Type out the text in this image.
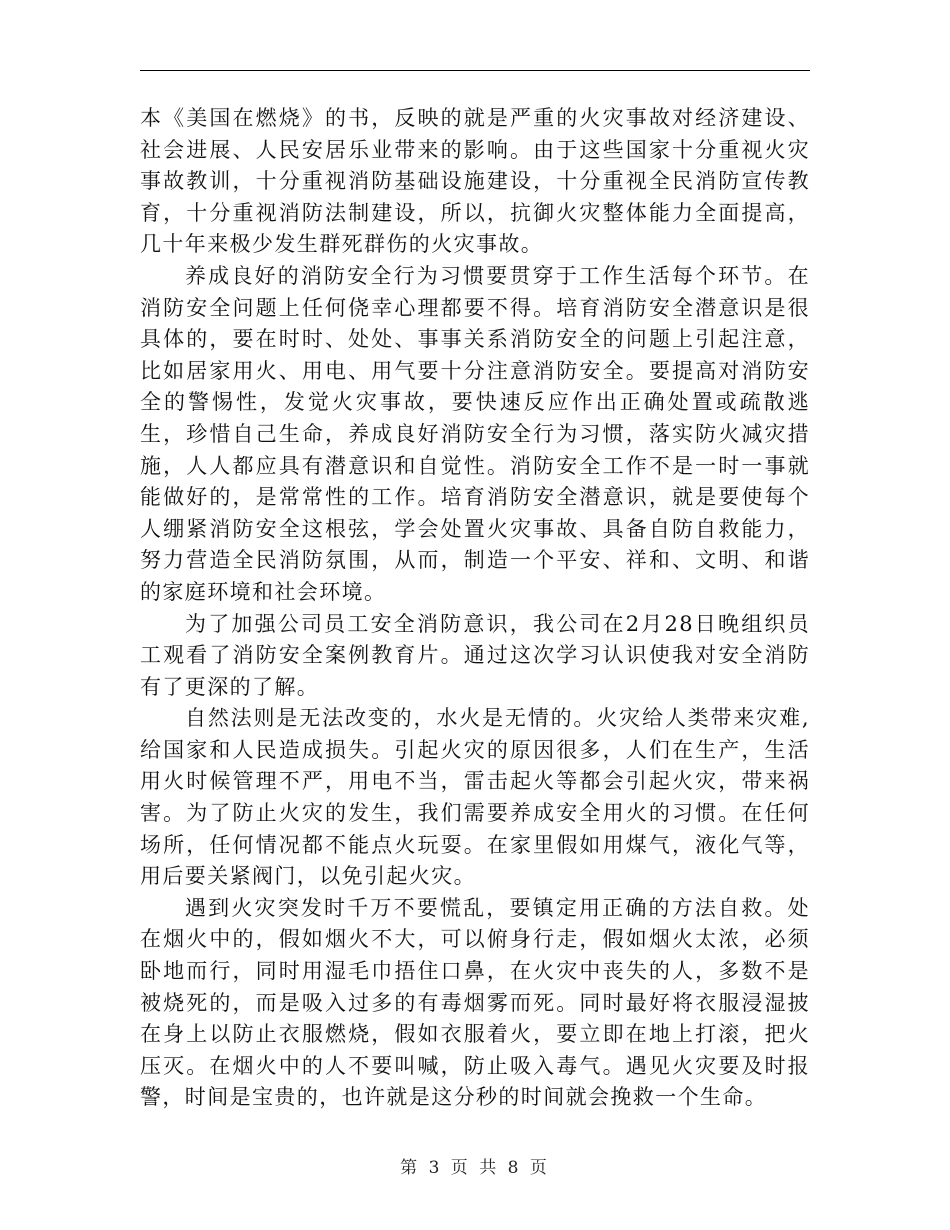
本《美国在燃烧》的书，反映的就是严重的火灾事故对经济建设、社会进展、人民安居乐业带来的影响。由于这些国家十分重视火灾事故教训，十分重视消防基础设施建设，十分重视全民消防宣传教育，十分重视消防法制建设，所以，抗御火灾整体能力全面提高，几十年来极少发生群死群伤的火灾事故。

养成良好的消防安全行为习惯要贯穿于工作生活每个环节。在消防安全问题上任何侥幸心理都要不得。培育消防安全潜意识是很具体的，要在时时、处处、事事关系消防安全的问题上引起注意，比如居家用火、用电、用气要十分注意消防安全。要提高对消防安全的警惕性，发觉火灾事故，要快速反应作出正确处置或疏散逃生，珍惜自己生命，养成良好消防安全行为习惯，落实防火减灾措施，人人都应具有潜意识和自觉性。消防安全工作不是一时一事就能做好的，是常常性的工作。培育消防安全潜意识，就是要使每个人绷紧消防安全这根弦，学会处置火灾事故、具备自防自救能力，努力营造全民消防氛围，从而，制造一个平安、祥和、文明、和谐的家庭环境和社会环境。

为了加强公司员工安全消防意识，我公司在2月28日晚组织员工观看了消防安全案例教育片。通过这次学习认识使我对安全消防有了更深的了解。

自然法则是无法改变的，水火是无情的。火灾给人类带来灾难,给国家和人民造成损失。引起火灾的原因很多，人们在生产，生活用火时候管理不严，用电不当，雷击起火等都会引起火灾，带来祸害。为了防止火灾的发生，我们需要养成安全用火的习惯。在任何场所，任何情况都不能点火玩耍。在家里假如用煤气，液化气等，用后要关紧阀门，以免引起火灾。

遇到火灾突发时千万不要慌乱，要镇定用正确的方法自救。处在烟火中的，假如烟火不大，可以俯身行走，假如烟火太浓，必须卧地而行，同时用湿毛巾捂住口鼻，在火灾中丧失的人，多数不是被烧死的，而是吸入过多的有毒烟雾而死。同时最好将衣服浸湿披在身上以防止衣服燃烧，假如衣服着火，要立即在地上打滚，把火压灭。在烟火中的人不要叫喊，防止吸入毒气。遇见火灾要及时报警，时间是宝贵的，也许就是这分秒的时间就会挽救一个生命。

第 3 页 共 8 页
